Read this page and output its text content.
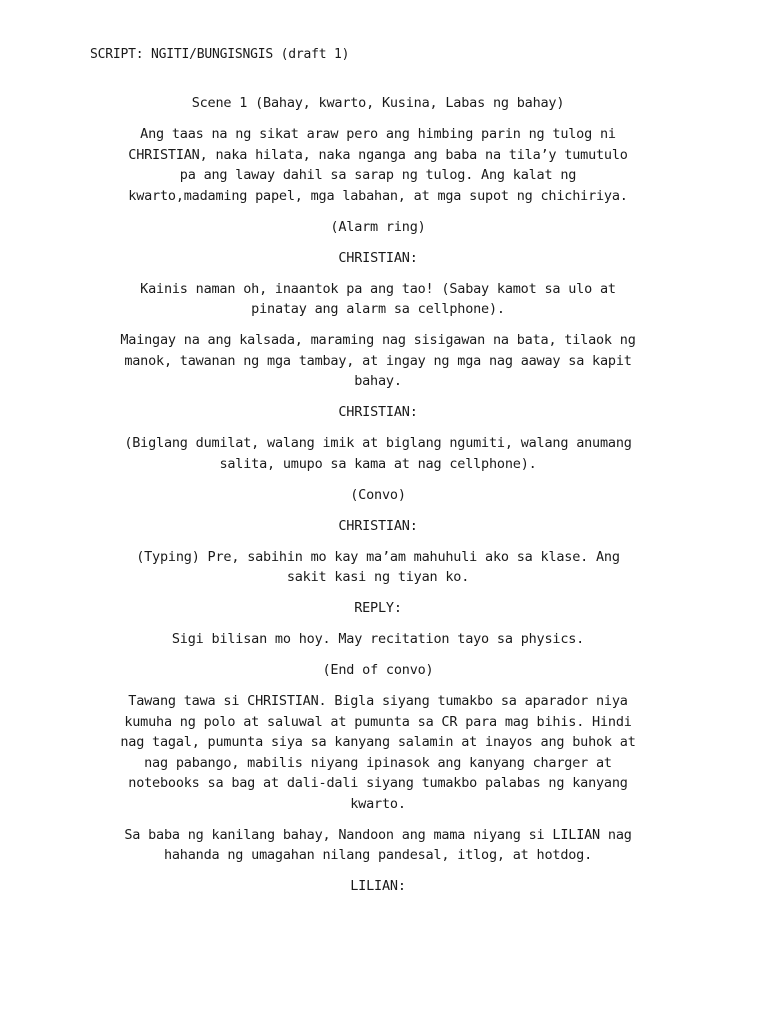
SCRIPT: NGITI/BUNGISNGIS (draft 1)

Scene 1 (Bahay, kwarto, Kusina, Labas ng bahay)

Ang taas na ng sikat araw pero ang himbing parin ng tulog ni CHRISTIAN, naka hilata, naka nganga ang baba na tila’y tumutulo pa ang laway dahil sa sarap ng tulog. Ang kalat ng kwarto,madaming papel, mga labahan, at mga supot ng chichiriya.

(Alarm ring)

CHRISTIAN:

Kainis naman oh, inaantok pa ang tao! (Sabay kamot sa ulo at pinatay ang alarm sa cellphone).

Maingay na ang kalsada, maraming nag sisigawan na bata, tilaok ng manok, tawanan ng mga tambay, at ingay ng mga nag aaway sa kapit bahay.

CHRISTIAN:

(Biglang dumilat, walang imik at biglang ngumiti, walang anumang salita, umupo sa kama at nag cellphone).

(Convo)

CHRISTIAN:

(Typing) Pre, sabihin mo kay ma’am mahuhuli ako sa klase. Ang sakit kasi ng tiyan ko.

REPLY:

Sigi bilisan mo hoy. May recitation tayo sa physics.

(End of convo)

Tawang tawa si CHRISTIAN. Bigla siyang tumakbo sa aparador niya kumuha ng polo at saluwal at pumunta sa CR para mag bihis. Hindi nag tagal, pumunta siya sa kanyang salamin at inayos ang buhok at nag pabango, mabilis niyang ipinasok ang kanyang charger at notebooks sa bag at dali-dali siyang tumakbo palabas ng kanyang kwarto.

Sa baba ng kanilang bahay, Nandoon ang mama niyang si LILIAN nag hahanda ng umagahan nilang pandesal, itlog, at hotdog.

LILIAN:
